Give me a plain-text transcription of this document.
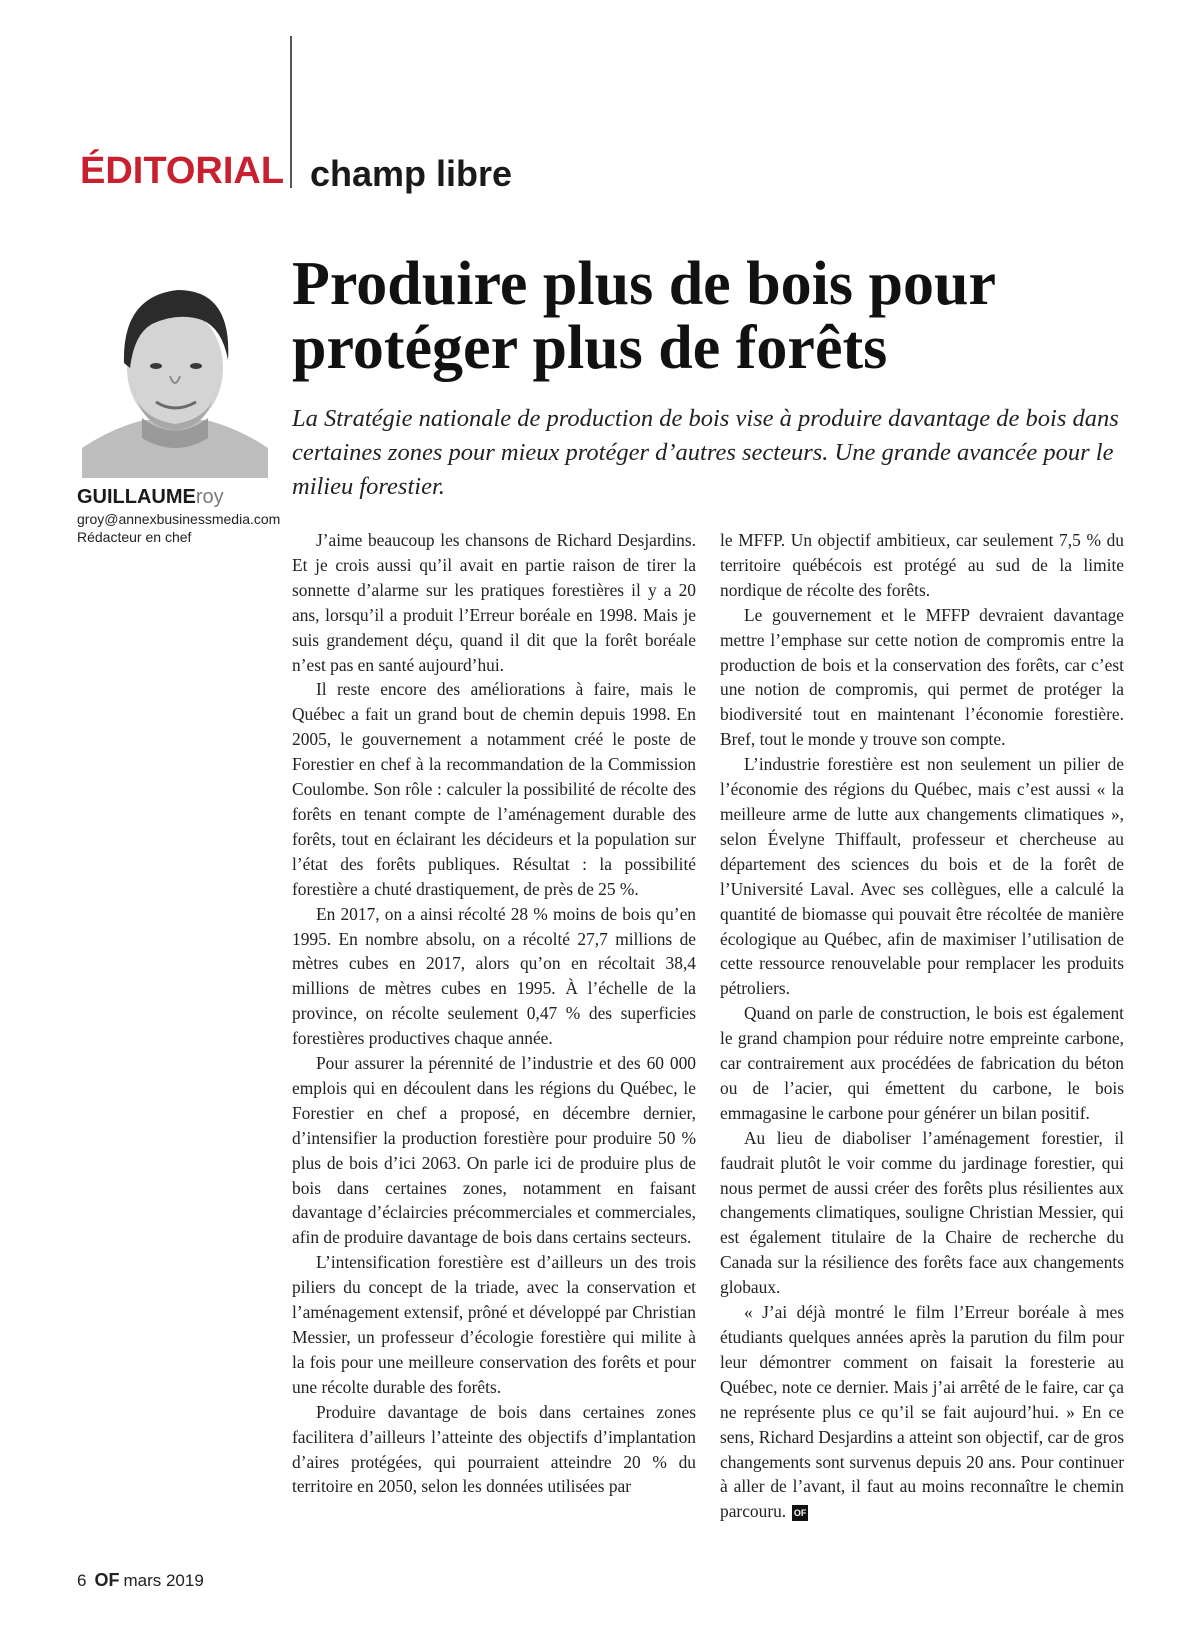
ÉDITORIAL champ libre
GUILLAUMEroy
groy@annexbusinessmedia.com
Rédacteur en chef
Produire plus de bois pour
protéger plus de forêts

La Stratégie nationale de production de bois vise à produire davantage de bois dans certaines zones pour mieux protéger d’autres secteurs. Une grande avancée pour le milieu forestier.

J’aime beaucoup les chansons de Richard Desjardins. Et je crois aussi qu’il avait en partie raison de tirer la sonnette d’alarme sur les pratiques forestières il y a 20 ans, lorsqu’il a produit l’Erreur boréale en 1998. Mais je suis grandement déçu, quand il dit que la forêt boréale n’est pas en santé aujourd’hui.

Il reste encore des améliorations à faire, mais le Québec a fait un grand bout de chemin depuis 1998. En 2005, le gouvernement a notamment créé le poste de Forestier en chef à la recommandation de la Commission Coulombe. Son rôle : calculer la possibilité de récolte des forêts en tenant compte de l’aménagement durable des forêts, tout en éclairant les décideurs et la population sur l’état des forêts publiques. Résultat : la possibilité forestière a chuté drastiquement, de près de 25 %.

En 2017, on a ainsi récolté 28 % moins de bois qu’en 1995. En nombre absolu, on a récolté 27,7 millions de mètres cubes en 2017, alors qu’on en récoltait 38,4 millions de mètres cubes en 1995. À l’échelle de la province, on récolte seulement 0,47 % des superficies forestières productives chaque année.

Pour assurer la pérennité de l’industrie et des 60 000 emplois qui en découlent dans les régions du Québec, le Forestier en chef a proposé, en décembre dernier, d’intensifier la production forestière pour produire 50 % plus de bois d’ici 2063. On parle ici de produire plus de bois dans certaines zones, notamment en faisant davantage d’éclaircies précommerciales et commerciales, afin de produire davantage de bois dans certains secteurs.

L’intensification forestière est d’ailleurs un des trois piliers du concept de la triade, avec la conservation et l’aménagement extensif, prôné et développé par Christian Messier, un professeur d’écologie forestière qui milite à la fois pour une meilleure conservation des forêts et pour une récolte durable des forêts.

Produire davantage de bois dans certaines zones facilitera d’ailleurs l’atteinte des objectifs d’implantation d’aires protégées, qui pourraient atteindre 20 % du territoire en 2050, selon les données utilisées par

le MFFP. Un objectif ambitieux, car seulement 7,5 % du territoire québécois est protégé au sud de la limite nordique de récolte des forêts.

Le gouvernement et le MFFP devraient davantage mettre l’emphase sur cette notion de compromis entre la production de bois et la conservation des forêts, car c’est une notion de compromis, qui permet de protéger la biodiversité tout en maintenant l’économie forestière. Bref, tout le monde y trouve son compte.

L’industrie forestière est non seulement un pilier de l’économie des régions du Québec, mais c’est aussi « la meilleure arme de lutte aux changements climatiques », selon Évelyne Thiffault, professeur et chercheuse au département des sciences du bois et de la forêt de l’Université Laval. Avec ses collègues, elle a calculé la quantité de biomasse qui pouvait être récoltée de manière écologique au Québec, afin de maximiser l’utilisation de cette ressource renouvelable pour remplacer les produits pétroliers.

Quand on parle de construction, le bois est également le grand champion pour réduire notre empreinte carbone, car contrairement aux procédées de fabrication du béton ou de l’acier, qui émettent du carbone, le bois emmagasine le carbone pour générer un bilan positif.

Au lieu de diaboliser l’aménagement forestier, il faudrait plutôt le voir comme du jardinage forestier, qui nous permet de aussi créer des forêts plus résilientes aux changements climatiques, souligne Christian Messier, qui est également titulaire de la Chaire de recherche du Canada sur la résilience des forêts face aux changements globaux.

« J’ai déjà montré le film l’Erreur boréale à mes étudiants quelques années après la parution du film pour leur démontrer comment on faisait la foresterie au Québec, note ce dernier. Mais j’ai arrêté de le faire, car ça ne représente plus ce qu’il se fait aujourd’hui. » En ce sens, Richard Desjardins a atteint son objectif, car de gros changements sont survenus depuis 20 ans. Pour continuer à aller de l’avant, il faut au moins reconnaître le chemin parcouru. OF

6 OF mars 2019
